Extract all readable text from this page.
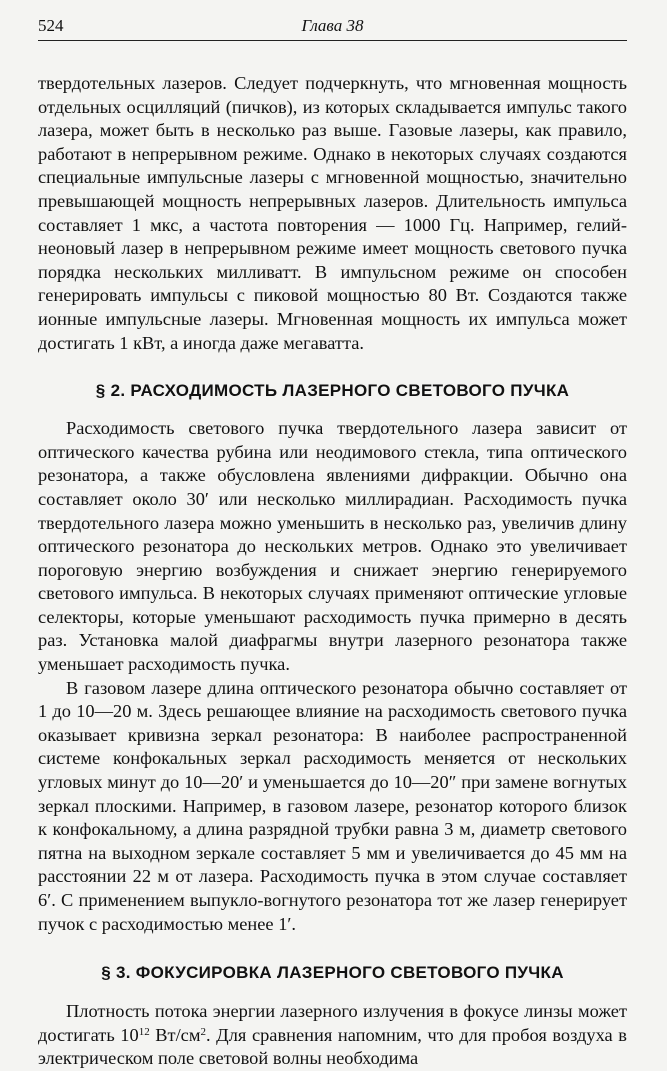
524	Глава 38

твердотельных лазеров. Следует подчеркнуть, что мгновенная мощность отдельных осцилляций (пичков), из которых складывается импульс такого лазера, может быть в несколько раз выше. Газовые лазеры, как правило, работают в непрерывном режиме. Однако в некоторых случаях создаются специальные импульсные лазеры с мгновенной мощностью, значительно превышающей мощность непрерывных лазеров. Длительность импульса составляет 1 мкс, а частота повторения — 1000 Гц. Например, гелий-неоновый лазер в непрерывном режиме имеет мощность светового пучка порядка нескольких милливатт. В импульсном режиме он способен генерировать импульсы с пиковой мощностью 80 Вт. Создаются также ионные импульсные лазеры. Мгновенная мощность их импульса может достигать 1 кВт, а иногда даже мегаватта.

§ 2. РАСХОДИМОСТЬ ЛАЗЕРНОГО СВЕТОВОГО ПУЧКА

Расходимость светового пучка твердотельного лазера зависит от оптического качества рубина или неодимового стекла, типа оптического резонатора, а также обусловлена явлениями дифракции. Обычно она составляет около 30′ или несколько миллирадиан. Расходимость пучка твердотельного лазера можно уменьшить в несколько раз, увеличив длину оптического резонатора до нескольких метров. Однако это увеличивает пороговую энергию возбуждения и снижает энергию генерируемого светового импульса. В некоторых случаях применяют оптические угловые селекторы, которые уменьшают расходимость пучка примерно в десять раз. Установка малой диафрагмы внутри лазерного резонатора также уменьшает расходимость пучка.

В газовом лазере длина оптического резонатора обычно составляет от 1 до 10—20 м. Здесь решающее влияние на расходимость светового пучка оказывает кривизна зеркал резонатора: В наиболее распространенной системе конфокальных зеркал расходимость меняется от нескольких угловых минут до 10—20′ и уменьшается до 10—20″ при замене вогнутых зеркал плоскими. Например, в газовом лазере, резонатор которого близок к конфокальному, а длина разрядной трубки равна 3 м, диаметр светового пятна на выходном зеркале составляет 5 мм и увеличивается до 45 мм на расстоянии 22 м от лазера. Расходимость пучка в этом случае составляет 6′. С применением выпукло-вогнутого резонатора тот же лазер генерирует пучок с расходимостью менее 1′.

§ 3. ФОКУСИРОВКА ЛАЗЕРНОГО СВЕТОВОГО ПУЧКА

Плотность потока энергии лазерного излучения в фокусе линзы может достигать $10^{12}$ $Вт/см^2$. Для сравнения напомним, что для пробоя воздуха в электрическом поле световой волны необходима
